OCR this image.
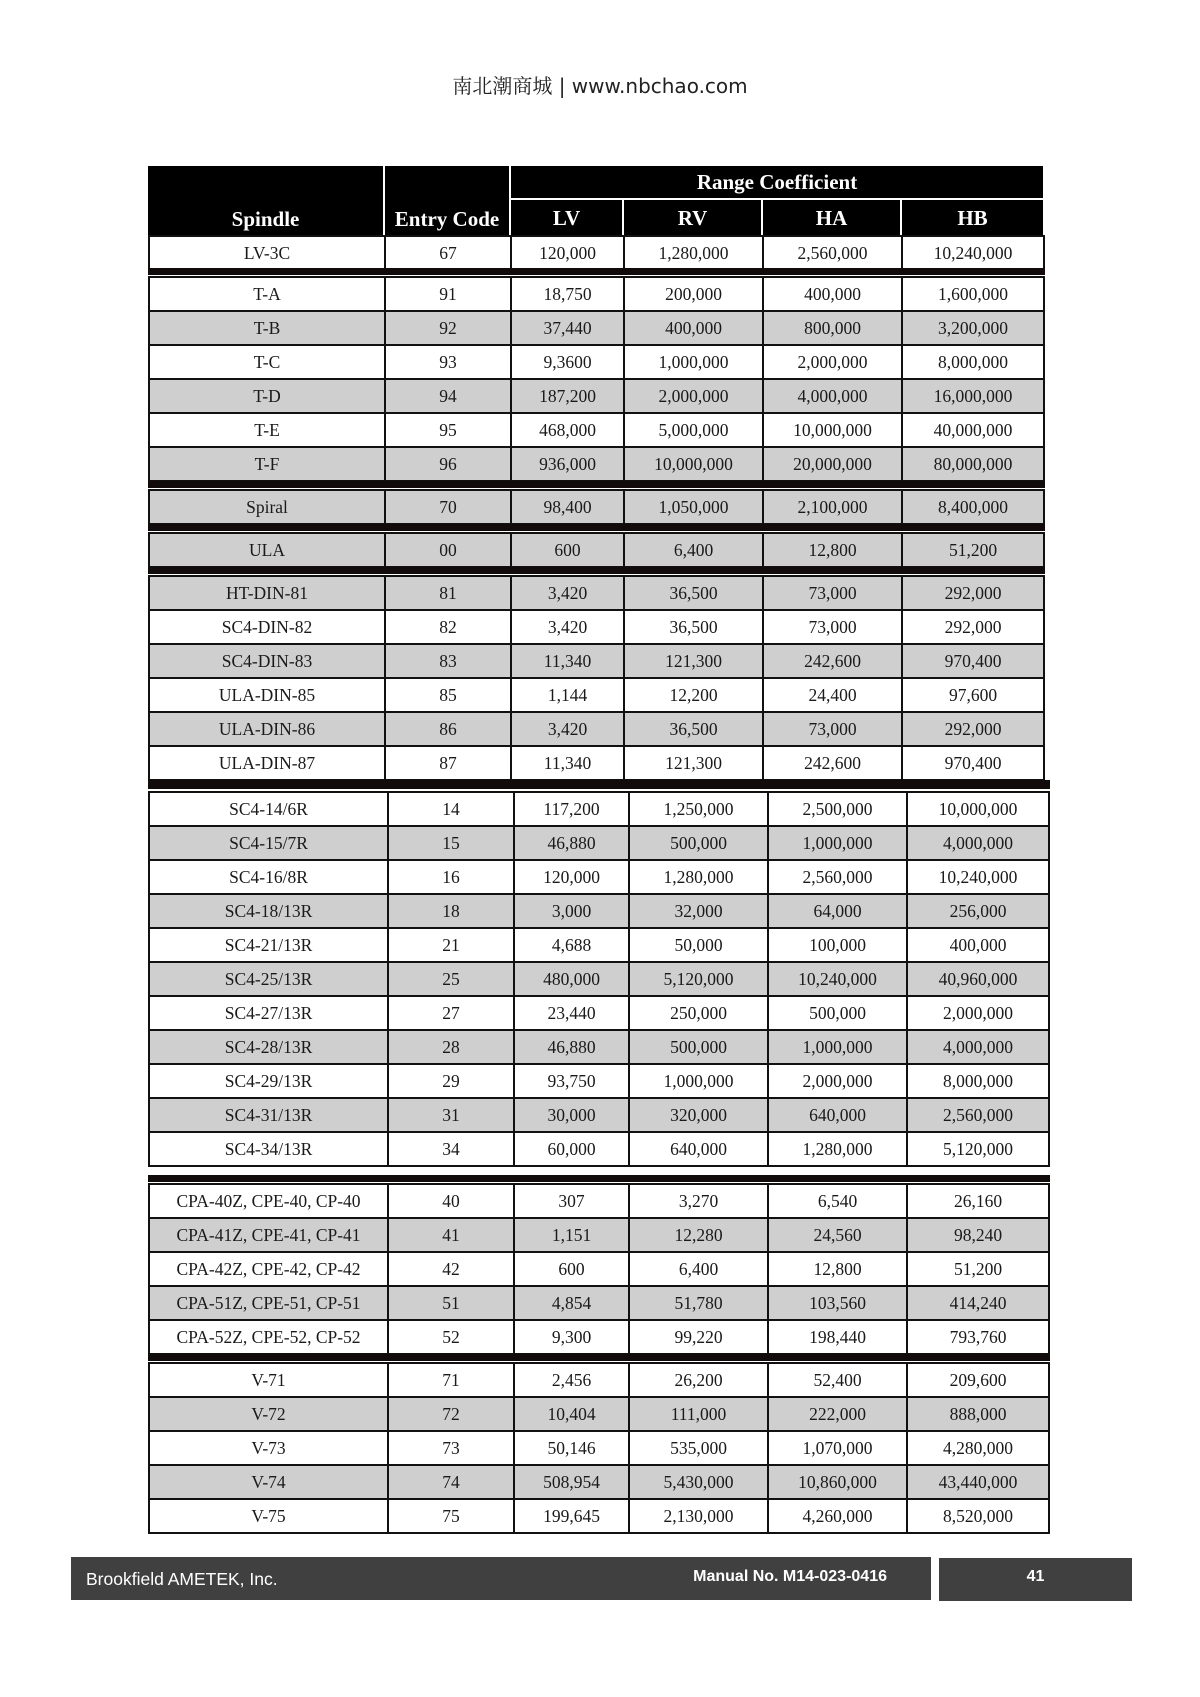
南北潮商城 | www.nbchao.com
Spindle	Entry Code	Range Coefficient			
		LV	RV	HA	HB
LV-3C	67	120,000	1,280,000	2,560,000	10,240,000
T-A	91	18,750	200,000	400,000	1,600,000
T-B	92	37,440	400,000	800,000	3,200,000
T-C	93	9,3600	1,000,000	2,000,000	8,000,000
T-D	94	187,200	2,000,000	4,000,000	16,000,000
T-E	95	468,000	5,000,000	10,000,000	40,000,000
T-F	96	936,000	10,000,000	20,000,000	80,000,000
Spiral	70	98,400	1,050,000	2,100,000	8,400,000
ULA	00	600	6,400	12,800	51,200
HT-DIN-81	81	3,420	36,500	73,000	292,000
SC4-DIN-82	82	3,420	36,500	73,000	292,000
SC4-DIN-83	83	11,340	121,300	242,600	970,400
ULA-DIN-85	85	1,144	12,200	24,400	97,600
ULA-DIN-86	86	3,420	36,500	73,000	292,000
ULA-DIN-87	87	11,340	121,300	242,600	970,400
SC4-14/6R	14	117,200	1,250,000	2,500,000	10,000,000
SC4-15/7R	15	46,880	500,000	1,000,000	4,000,000
SC4-16/8R	16	120,000	1,280,000	2,560,000	10,240,000
SC4-18/13R	18	3,000	32,000	64,000	256,000
SC4-21/13R	21	4,688	50,000	100,000	400,000
SC4-25/13R	25	480,000	5,120,000	10,240,000	40,960,000
SC4-27/13R	27	23,440	250,000	500,000	2,000,000
SC4-28/13R	28	46,880	500,000	1,000,000	4,000,000
SC4-29/13R	29	93,750	1,000,000	2,000,000	8,000,000
SC4-31/13R	31	30,000	320,000	640,000	2,560,000
SC4-34/13R	34	60,000	640,000	1,280,000	5,120,000
CPA-40Z, CPE-40, CP-40	40	307	3,270	6,540	26,160
CPA-41Z, CPE-41, CP-41	41	1,151	12,280	24,560	98,240
CPA-42Z, CPE-42, CP-42	42	600	6,400	12,800	51,200
CPA-51Z, CPE-51, CP-51	51	4,854	51,780	103,560	414,240
CPA-52Z, CPE-52, CP-52	52	9,300	99,220	198,440	793,760
V-71	71	2,456	26,200	52,400	209,600
V-72	72	10,404	111,000	222,000	888,000
V-73	73	50,146	535,000	1,070,000	4,280,000
V-74	74	508,954	5,430,000	10,860,000	43,440,000
V-75	75	199,645	2,130,000	4,260,000	8,520,000
Brookfield AMETEK, Inc.	Manual No. M14-023-0416	41
